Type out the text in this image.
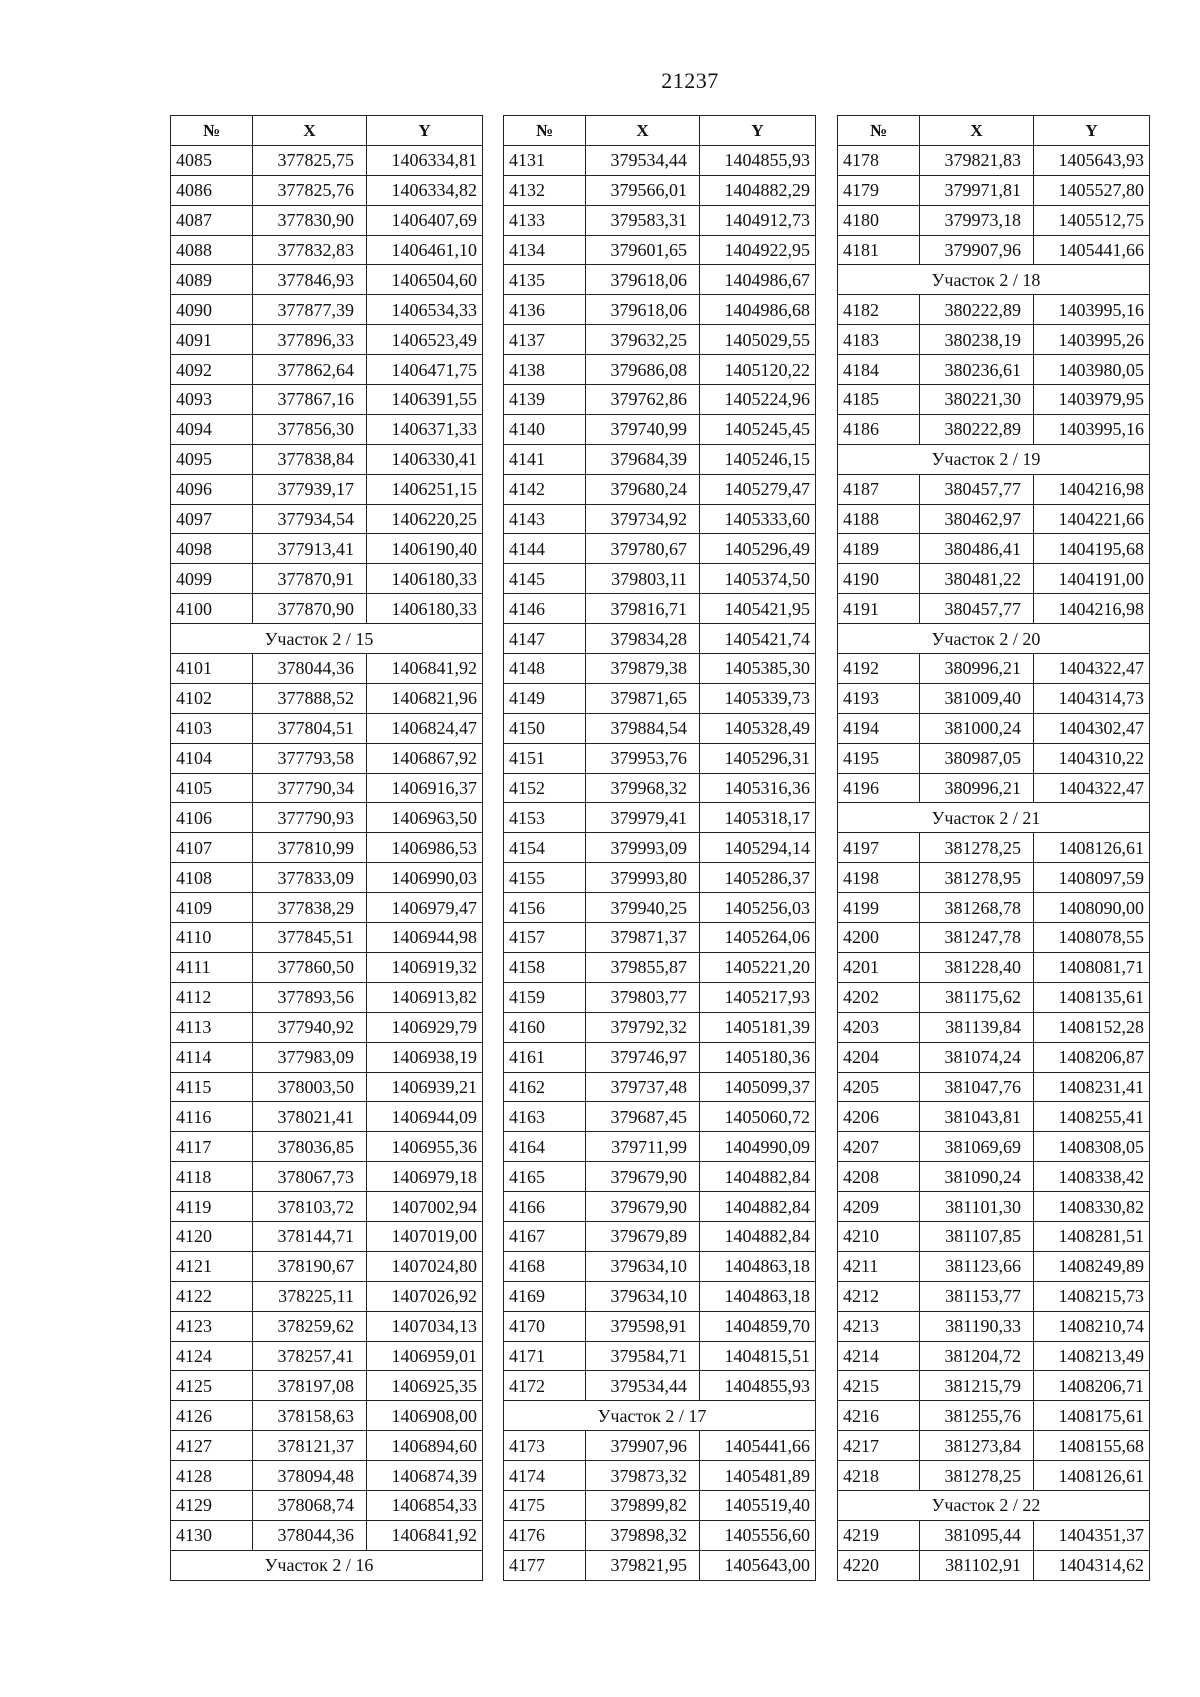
21237
№	X	Y
4085	377825,75	1406334,81
4086	377825,76	1406334,82
4087	377830,90	1406407,69
4088	377832,83	1406461,10
4089	377846,93	1406504,60
4090	377877,39	1406534,33
4091	377896,33	1406523,49
4092	377862,64	1406471,75
4093	377867,16	1406391,55
4094	377856,30	1406371,33
4095	377838,84	1406330,41
4096	377939,17	1406251,15
4097	377934,54	1406220,25
4098	377913,41	1406190,40
4099	377870,91	1406180,33
4100	377870,90	1406180,33
Участок 2 / 15		
4101	378044,36	1406841,92
4102	377888,52	1406821,96
4103	377804,51	1406824,47
4104	377793,58	1406867,92
4105	377790,34	1406916,37
4106	377790,93	1406963,50
4107	377810,99	1406986,53
4108	377833,09	1406990,03
4109	377838,29	1406979,47
4110	377845,51	1406944,98
4111	377860,50	1406919,32
4112	377893,56	1406913,82
4113	377940,92	1406929,79
4114	377983,09	1406938,19
4115	378003,50	1406939,21
4116	378021,41	1406944,09
4117	378036,85	1406955,36
4118	378067,73	1406979,18
4119	378103,72	1407002,94
4120	378144,71	1407019,00
4121	378190,67	1407024,80
4122	378225,11	1407026,92
4123	378259,62	1407034,13
4124	378257,41	1406959,01
4125	378197,08	1406925,35
4126	378158,63	1406908,00
4127	378121,37	1406894,60
4128	378094,48	1406874,39
4129	378068,74	1406854,33
4130	378044,36	1406841,92
Участок 2 / 16		
№	X	Y
4131	379534,44	1404855,93
4132	379566,01	1404882,29
4133	379583,31	1404912,73
4134	379601,65	1404922,95
4135	379618,06	1404986,67
4136	379618,06	1404986,68
4137	379632,25	1405029,55
4138	379686,08	1405120,22
4139	379762,86	1405224,96
4140	379740,99	1405245,45
4141	379684,39	1405246,15
4142	379680,24	1405279,47
4143	379734,92	1405333,60
4144	379780,67	1405296,49
4145	379803,11	1405374,50
4146	379816,71	1405421,95
4147	379834,28	1405421,74
4148	379879,38	1405385,30
4149	379871,65	1405339,73
4150	379884,54	1405328,49
4151	379953,76	1405296,31
4152	379968,32	1405316,36
4153	379979,41	1405318,17
4154	379993,09	1405294,14
4155	379993,80	1405286,37
4156	379940,25	1405256,03
4157	379871,37	1405264,06
4158	379855,87	1405221,20
4159	379803,77	1405217,93
4160	379792,32	1405181,39
4161	379746,97	1405180,36
4162	379737,48	1405099,37
4163	379687,45	1405060,72
4164	379711,99	1404990,09
4165	379679,90	1404882,84
4166	379679,90	1404882,84
4167	379679,89	1404882,84
4168	379634,10	1404863,18
4169	379634,10	1404863,18
4170	379598,91	1404859,70
4171	379584,71	1404815,51
4172	379534,44	1404855,93
Участок 2 / 17		
4173	379907,96	1405441,66
4174	379873,32	1405481,89
4175	379899,82	1405519,40
4176	379898,32	1405556,60
4177	379821,95	1405643,00
№	X	Y
4178	379821,83	1405643,93
4179	379971,81	1405527,80
4180	379973,18	1405512,75
4181	379907,96	1405441,66
Участок 2 / 18		
4182	380222,89	1403995,16
4183	380238,19	1403995,26
4184	380236,61	1403980,05
4185	380221,30	1403979,95
4186	380222,89	1403995,16
Участок 2 / 19		
4187	380457,77	1404216,98
4188	380462,97	1404221,66
4189	380486,41	1404195,68
4190	380481,22	1404191,00
4191	380457,77	1404216,98
Участок 2 / 20		
4192	380996,21	1404322,47
4193	381009,40	1404314,73
4194	381000,24	1404302,47
4195	380987,05	1404310,22
4196	380996,21	1404322,47
Участок 2 / 21		
4197	381278,25	1408126,61
4198	381278,95	1408097,59
4199	381268,78	1408090,00
4200	381247,78	1408078,55
4201	381228,40	1408081,71
4202	381175,62	1408135,61
4203	381139,84	1408152,28
4204	381074,24	1408206,87
4205	381047,76	1408231,41
4206	381043,81	1408255,41
4207	381069,69	1408308,05
4208	381090,24	1408338,42
4209	381101,30	1408330,82
4210	381107,85	1408281,51
4211	381123,66	1408249,89
4212	381153,77	1408215,73
4213	381190,33	1408210,74
4214	381204,72	1408213,49
4215	381215,79	1408206,71
4216	381255,76	1408175,61
4217	381273,84	1408155,68
4218	381278,25	1408126,61
Участок 2 / 22		
4219	381095,44	1404351,37
4220	381102,91	1404314,62
